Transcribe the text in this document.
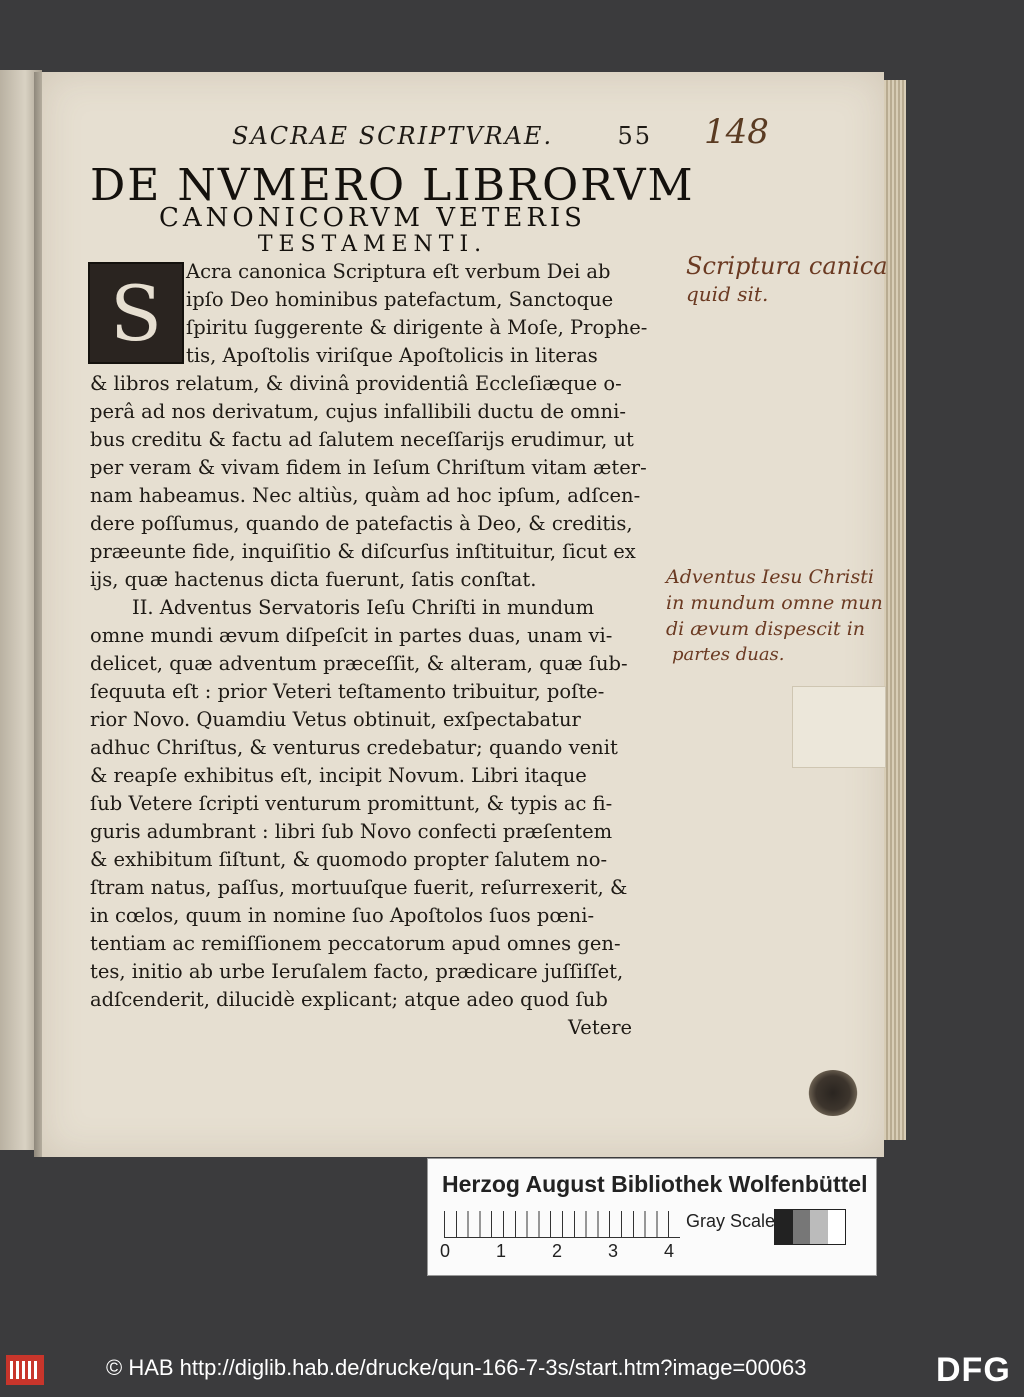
SACRAE SCRIPTVRAE.	55 148
DE NVMERO LIBRORVM
CANONICORVM VETERIS
TESTAMENTI.
S Acra canonica Scriptura eſt verbum Dei ab
ipſo Deo hominibus patefactum, Sanctoque
ſpiritu ſuggerente & dirigente à Moſe, Prophe-
tis, Apoſtolis viriſque Apoſtolicis in literas
& libros relatum, & divinâ providentiâ Eccleſiæque o-
perâ ad nos derivatum, cujus infallibili ductu de omni-
bus creditu & factu ad ſalutem neceſſarijs erudimur, ut
per veram & vivam fidem in Ieſum Chriſtum vitam æter-
nam habeamus. Nec altiùs, quàm ad hoc ipſum, adſcen-
dere poſſumus, quando de patefactis à Deo, & creditis,
præeunte fide, inquiſitio & diſcurſus inſtituitur, ſicut ex
ijs, quæ hactenus dicta fuerunt, ſatis conſtat.
II. Adventus Servatoris Ieſu Chriſti in mundum
omne mundi ævum diſpeſcit in partes duas, unam vi-
delicet, quæ adventum præceſſit, & alteram, quæ ſub-
ſequuta eſt : prior Veteri teſtamento tribuitur, poſte-
rior Novo. Quamdiu Vetus obtinuit, exſpectabatur
adhuc Chriſtus, & venturus credebatur; quando venit
& reapſe exhibitus eſt, incipit Novum. Libri itaque
ſub Vetere ſcripti venturum promittunt, & typis ac fi-
guris adumbrant : libri ſub Novo confecti præſentem
& exhibitum ſiſtunt, & quomodo propter ſalutem no-
ſtram natus, paſſus, mortuuſque fuerit, reſurrexerit, &
in cœlos, quum in nomine ſuo Apoſtolos ſuos pœni-
tentiam ac remiſſionem peccatorum apud omnes gen-
tes, initio ab urbe Ieruſalem facto, prædicare juſſiſſet,
adſcenderit, dilucidè explicant; atque adeo quod ſub
Vetere
Scriptura canica
quid sit.
Adventus Iesu Christi
in mundum omne mun
di ævum dispescit in
partes duas.
Herzog August Bibliothek Wolfenbüttel
0	1	2	3	4
Gray Scale
© HAB http://diglib.hab.de/drucke/qun-166-7-3s/start.htm?image=00063	DFG
